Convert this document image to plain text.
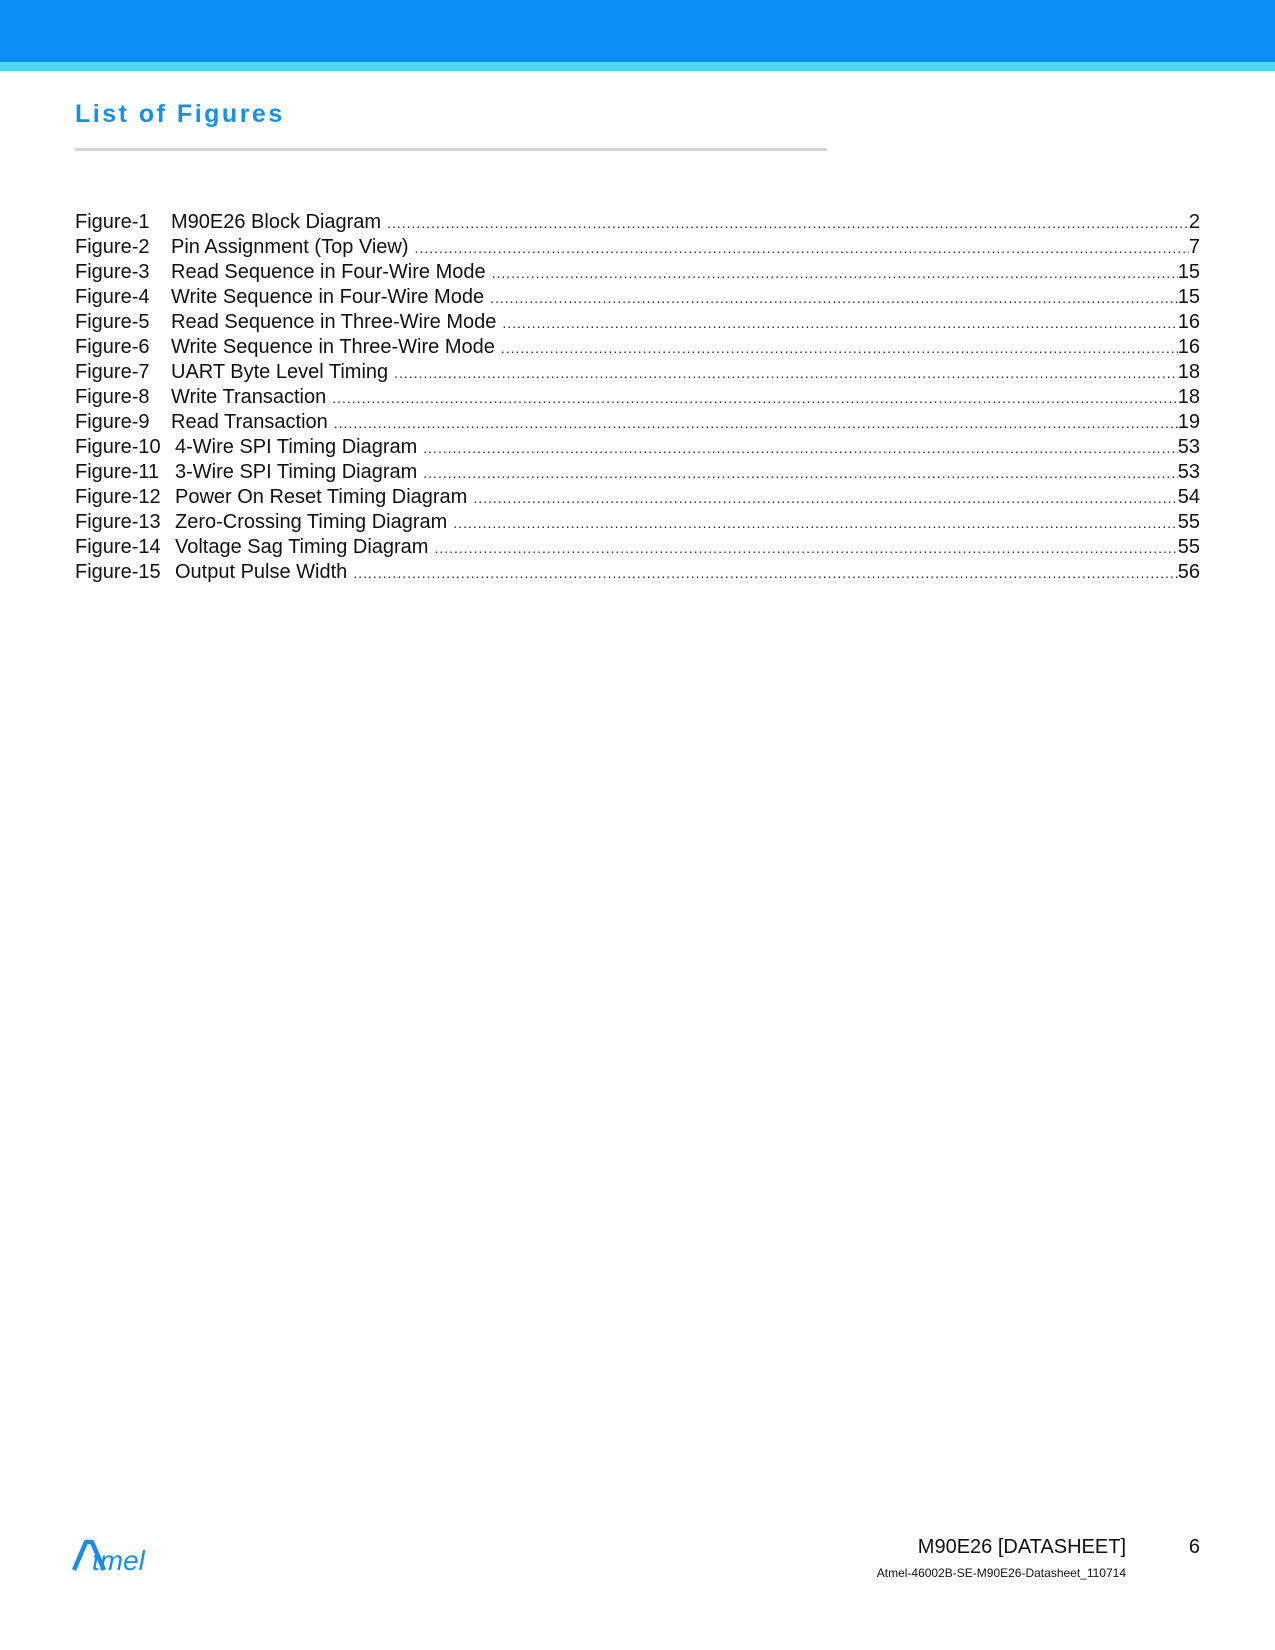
List of Figures
Figure-1	M90E26 Block Diagram .....	2
Figure-2	Pin Assignment (Top View) .....	7
Figure-3	Read Sequence in Four-Wire Mode .....	15
Figure-4	Write Sequence in Four-Wire Mode .....	15
Figure-5	Read Sequence in Three-Wire Mode .....	16
Figure-6	Write Sequence in Three-Wire Mode .....	16
Figure-7	UART Byte Level Timing .....	18
Figure-8	Write Transaction .....	18
Figure-9	Read Transaction .....	19
Figure-10 4-Wire SPI Timing Diagram .....	53
Figure-11 3-Wire SPI Timing Diagram .....	53
Figure-12 Power On Reset Timing Diagram .....	54
Figure-13 Zero-Crossing Timing Diagram .....	55
Figure-14 Voltage Sag Timing Diagram .....	55
Figure-15 Output Pulse Width .....	56
tmel	M90E26 [DATASHEET]	6
Atmel-46002B-SE-M90E26-Datasheet_110714
